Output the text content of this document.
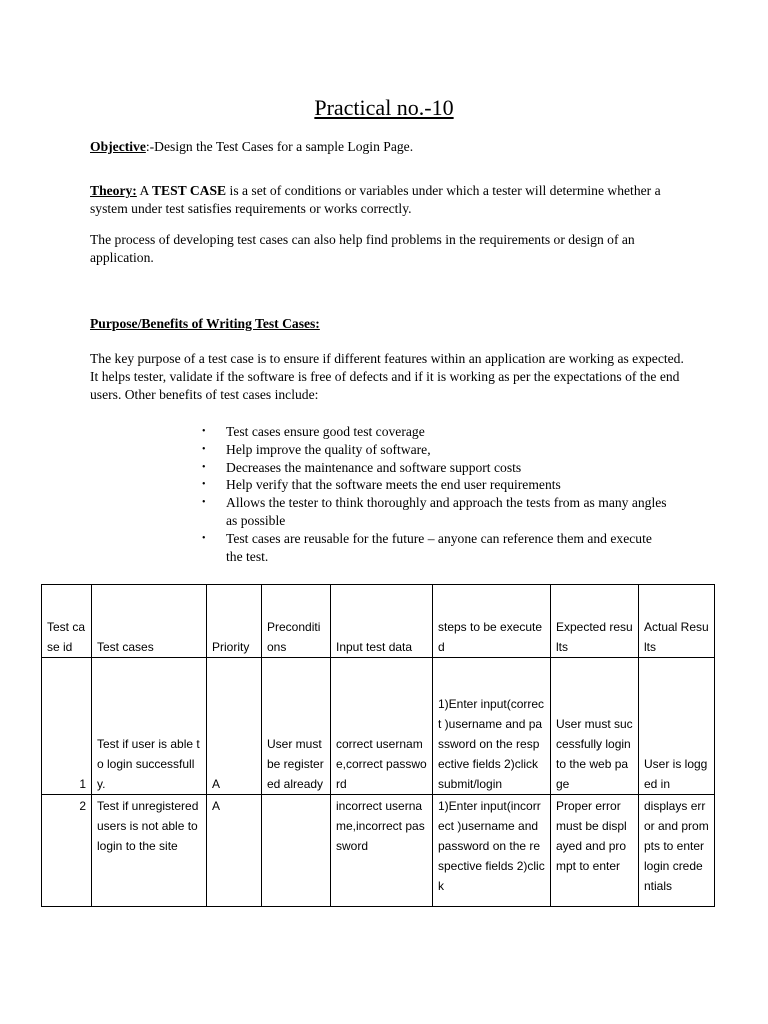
Practical no.-10
Objective:-Design the Test Cases for a sample Login Page.
Theory: A TEST CASE is a set of conditions or variables under which a tester will determine whether a system under test satisfies requirements or works correctly.
The process of developing test cases can also help find problems in the requirements or design of an application.
Purpose/Benefits of Writing Test Cases:
The key purpose of a test case is to ensure if different features within an application are working as expected. It helps tester, validate if the software is free of defects and if it is working as per the expectations of the end users. Other benefits of test cases include:
• Test cases ensure good test coverage
• Help improve the quality of software,
• Decreases the maintenance and software support costs
• Help verify that the software meets the end user requirements
• Allows the tester to think thoroughly and approach the tests from as many angles as possible
• Test cases are reusable for the future – anyone can reference them and execute the test.
Test case id	Test cases	Priority	Preconditions	Input test data	steps to be executed	Expected results	Actual Results
1	Test if user is able to login successfully.	A	User must be registered already	correct username,correct password	1)Enter input(correct )username and password on the respective fields 2)click submit/login	User must successfully login to the web page	User is logged in
2	Test if unregistered users is not able to login to the site	A		incorrect username,incorrect password	1)Enter input(incorrect )username and password on the respective fields 2)click	Proper error must be displayed and prompt to enter	displays error and prompts to enter login credentials
